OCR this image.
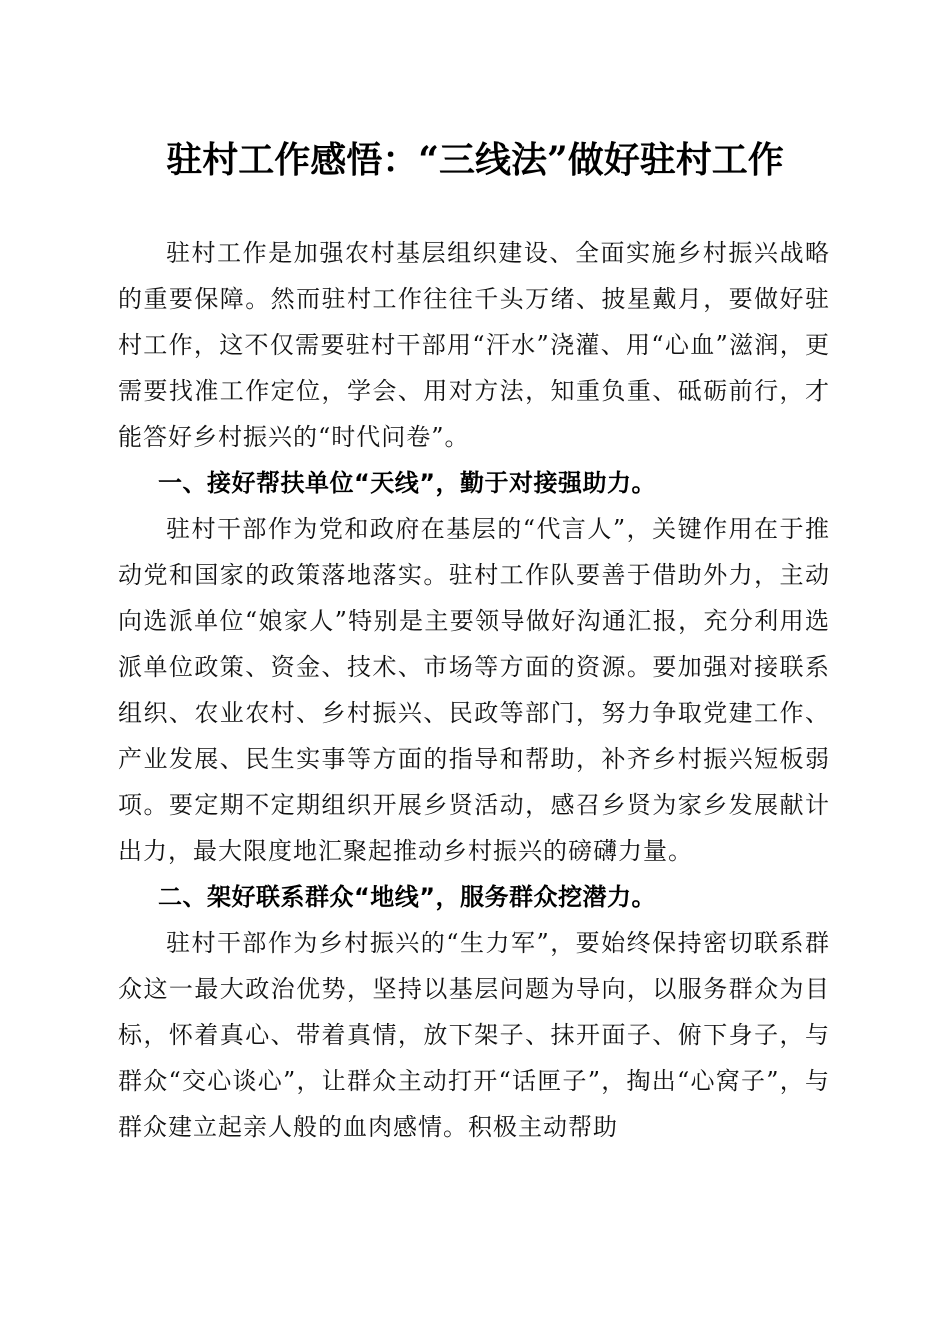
驻村工作感悟：“三线法”做好驻村工作

驻村工作是加强农村基层组织建设、全面实施乡村振兴战略的重要保障。然而驻村工作往往千头万绪、披星戴月，要做好驻村工作，这不仅需要驻村干部用“汗水”浇灌、用“心血”滋润，更需要找准工作定位，学会、用对方法，知重负重、砥砺前行，才能答好乡村振兴的“时代问卷”。

一、接好帮扶单位“天线”，勤于对接强助力。

驻村干部作为党和政府在基层的“代言人”，关键作用在于推动党和国家的政策落地落实。驻村工作队要善于借助外力，主动向选派单位“娘家人”特别是主要领导做好沟通汇报，充分利用选派单位政策、资金、技术、市场等方面的资源。要加强对接联系组织、农业农村、乡村振兴、民政等部门，努力争取党建工作、产业发展、民生实事等方面的指导和帮助，补齐乡村振兴短板弱项。要定期不定期组织开展乡贤活动，感召乡贤为家乡发展献计出力，最大限度地汇聚起推动乡村振兴的磅礴力量。

二、架好联系群众“地线”，服务群众挖潜力。

驻村干部作为乡村振兴的“生力军”，要始终保持密切联系群众这一最大政治优势，坚持以基层问题为导向，以服务群众为目标，怀着真心、带着真情，放下架子、抹开面子、俯下身子，与群众“交心谈心”，让群众主动打开“话匣子”，掏出“心窝子”，与群众建立起亲人般的血肉感情。积极主动帮助
